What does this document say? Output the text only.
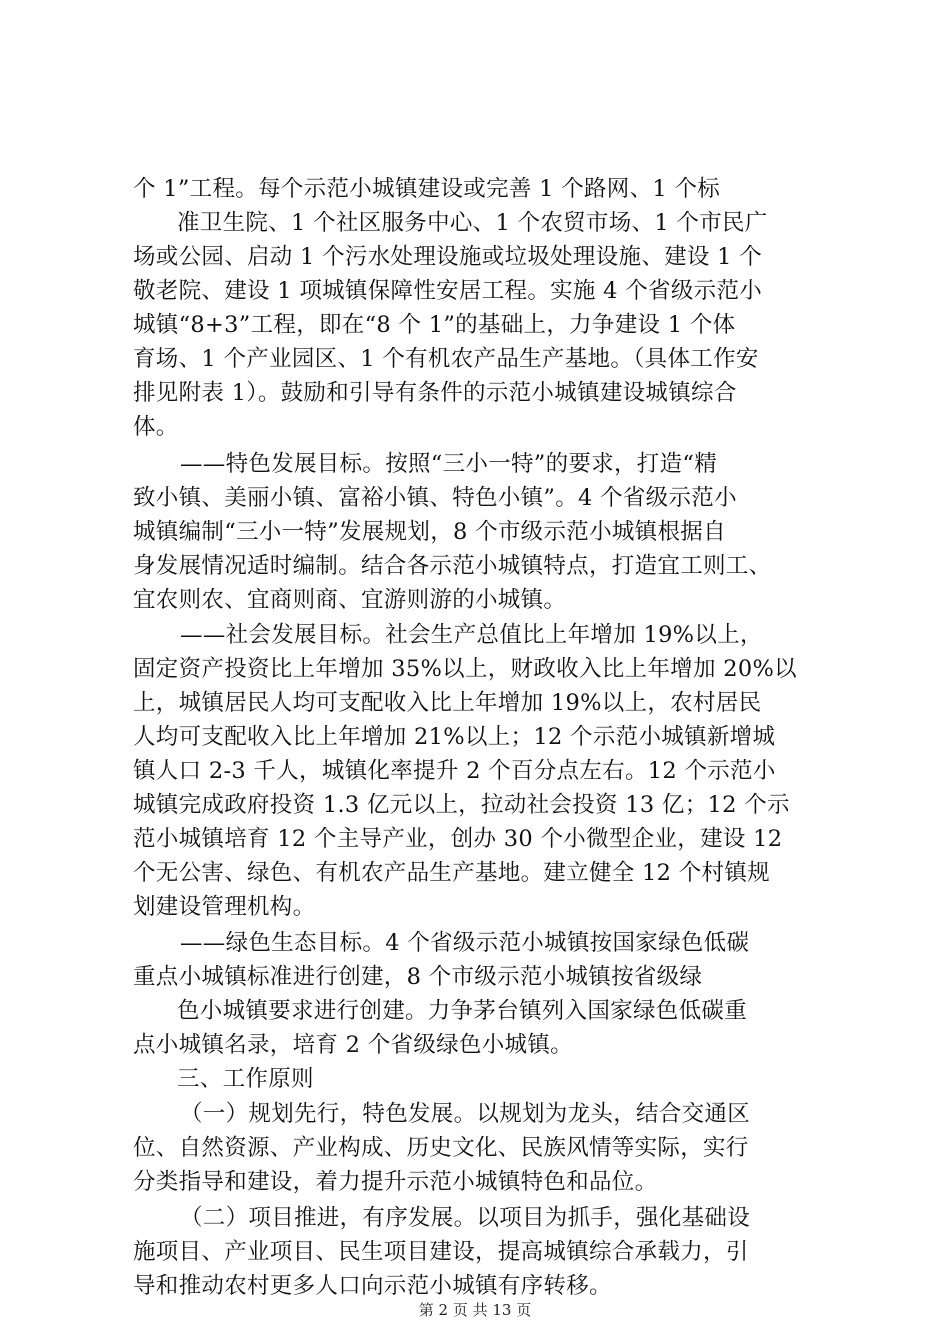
个 1”工程。每个示范小城镇建设或完善 1 个路网、1 个标
准卫生院、1 个社区服务中心、1 个农贸市场、1 个市民广
场或公园、启动 1 个污水处理设施或垃圾处理设施、建设 1 个
敬老院、建设 1 项城镇保障性安居工程。实施 4 个省级示范小
城镇“8+3”工程，即在“8 个 1”的基础上，力争建设 1 个体
育场、1 个产业园区、1 个有机农产品生产基地。（具体工作安
排见附表 1）。鼓励和引导有条件的示范小城镇建设城镇综合
体。
——特色发展目标。按照“三小一特”的要求，打造“精
致小镇、美丽小镇、富裕小镇、特色小镇”。4 个省级示范小
城镇编制“三小一特”发展规划，8 个市级示范小城镇根据自
身发展情况适时编制。结合各示范小城镇特点，打造宜工则工、
宜农则农、宜商则商、宜游则游的小城镇。
——社会发展目标。社会生产总值比上年增加 19%以上，
固定资产投资比上年增加 35%以上，财政收入比上年增加 20%以
上，城镇居民人均可支配收入比上年增加 19%以上，农村居民
人均可支配收入比上年增加 21%以上；12 个示范小城镇新增城
镇人口 2-3 千人，城镇化率提升 2 个百分点左右。12 个示范小
城镇完成政府投资 1.3 亿元以上，拉动社会投资 13 亿；12 个示
范小城镇培育 12 个主导产业，创办 30 个小微型企业，建设 12
个无公害、绿色、有机农产品生产基地。建立健全 12 个村镇规
划建设管理机构。
——绿色生态目标。4 个省级示范小城镇按国家绿色低碳
重点小城镇标准进行创建，8 个市级示范小城镇按省级绿
色小城镇要求进行创建。力争茅台镇列入国家绿色低碳重
点小城镇名录，培育 2 个省级绿色小城镇。
三、工作原则
（一）规划先行，特色发展。以规划为龙头，结合交通区
位、自然资源、产业构成、历史文化、民族风情等实际，实行
分类指导和建设，着力提升示范小城镇特色和品位。
（二）项目推进，有序发展。以项目为抓手，强化基础设
施项目、产业项目、民生项目建设，提高城镇综合承载力，引
导和推动农村更多人口向示范小城镇有序转移。
第 2 页 共 13 页
